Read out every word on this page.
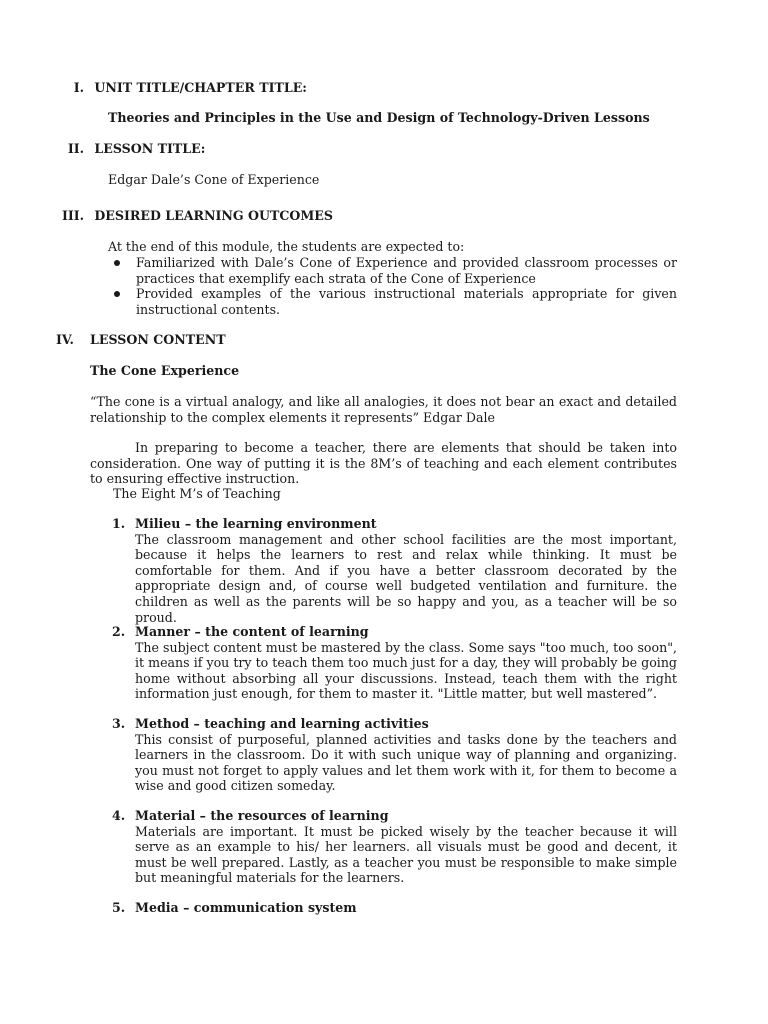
I. UNIT TITLE/CHAPTER TITLE:
Theories and Principles in the Use and Design of Technology-Driven Lessons
II. LESSON TITLE:
Edgar Dale’s Cone of Experience
III. DESIRED LEARNING OUTCOMES
At the end of this module, the students are expected to:
Familiarized with Dale’s Cone of Experience and provided classroom processes or practices that exemplify each strata of the Cone of Experience
Provided examples of the various instructional materials appropriate for given instructional contents.
IV. LESSON CONTENT
The Cone Experience
“The cone is a virtual analogy, and like all analogies, it does not bear an exact and detailed relationship to the complex elements it represents” Edgar Dale
In preparing to become a teacher, there are elements that should be taken into consideration. One way of putting it is the 8M’s of teaching and each element contributes to ensuring effective instruction.
The Eight M’s of Teaching
1. Milieu – the learning environment
The classroom management and other school facilities are the most important, because it helps the learners to rest and relax while thinking. It must be comfortable for them. And if you have a better classroom decorated by the appropriate design and, of course well budgeted ventilation and furniture. the children as well as the parents will be so happy and you, as a teacher will be so proud.
2. Manner – the content of learning
The subject content must be mastered by the class. Some says "too much, too soon", it means if you try to teach them too much just for a day, they will probably be going home without absorbing all your discussions. Instead, teach them with the right information just enough, for them to master it. "Little matter, but well mastered”.
3. Method – teaching and learning activities
This consist of purposeful, planned activities and tasks done by the teachers and learners in the classroom. Do it with such unique way of planning and organizing. you must not forget to apply values and let them work with it, for them to become a wise and good citizen someday.
4. Material – the resources of learning
Materials are important. It must be picked wisely by the teacher because it will serve as an example to his/ her learners. all visuals must be good and decent, it must be well prepared. Lastly, as a teacher you must be responsible to make simple but meaningful materials for the learners.
5. Media – communication system
